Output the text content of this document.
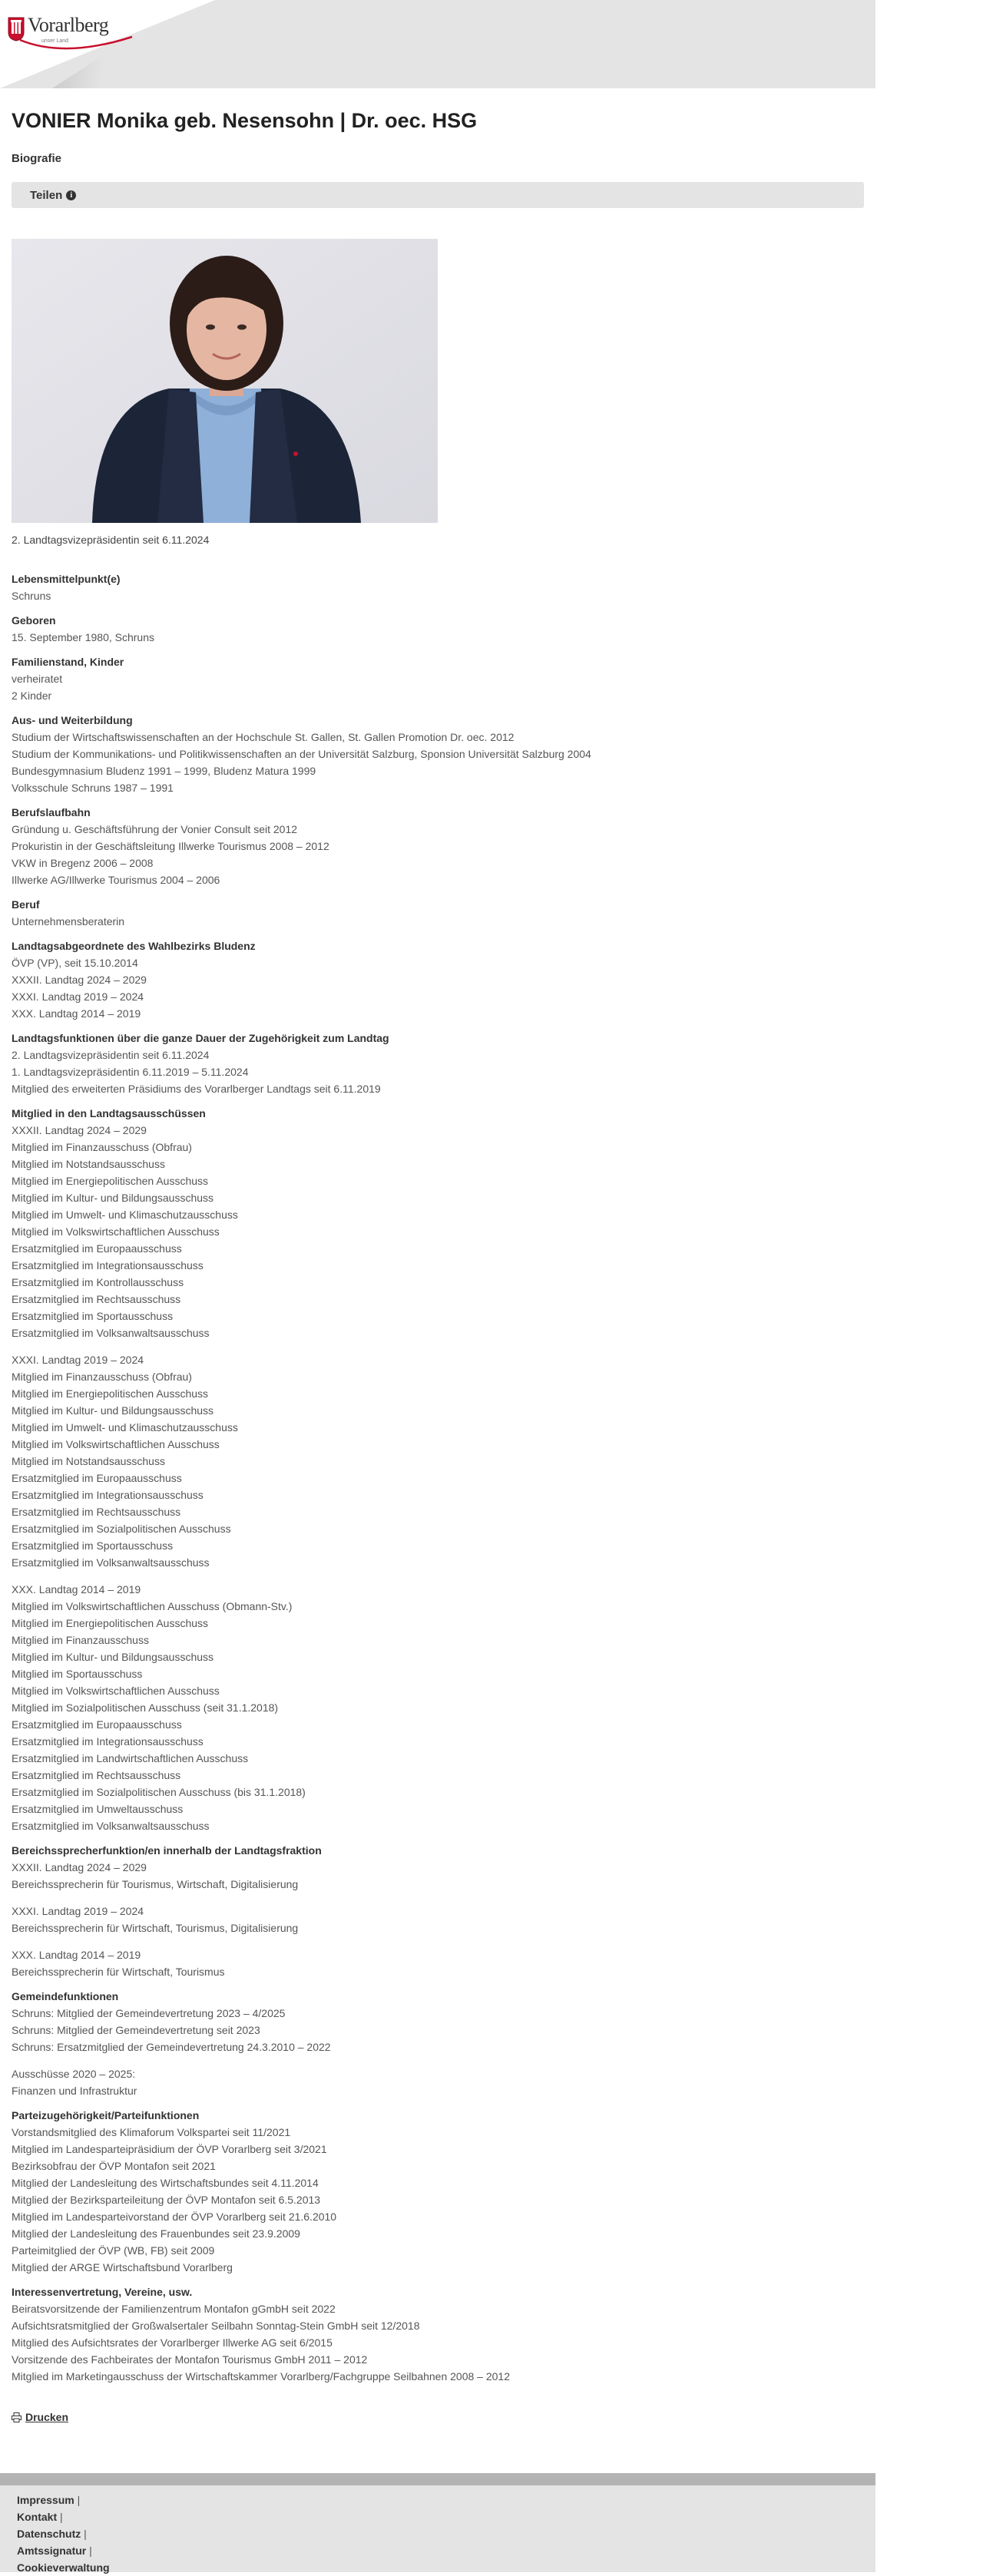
Vorarlberg
unser Land
VONIER Monika geb. Nesensohn | Dr. oec. HSG
Biografie
Teilen	i
2. Landtagsvizepräsidentin seit 6.11.2024
Lebensmittelpunkt(e)
Schruns
Geboren
15. September 1980, Schruns
Familienstand, Kinder
verheiratet
2 Kinder
Aus- und Weiterbildung
Studium der Wirtschaftswissenschaften an der Hochschule St. Gallen, St. Gallen Promotion Dr. oec. 2012
Studium der Kommunikations- und Politikwissenschaften an der Universität Salzburg, Sponsion Universität Salzburg 2004
Bundesgymnasium Bludenz 1991 – 1999, Bludenz Matura 1999
Volksschule Schruns 1987 – 1991
Berufslaufbahn
Gründung u. Geschäftsführung der Vonier Consult seit 2012
Prokuristin in der Geschäftsleitung Illwerke Tourismus 2008 – 2012
VKW in Bregenz 2006 – 2008
Illwerke AG/Illwerke Tourismus 2004 – 2006
Beruf
Unternehmensberaterin
Landtagsabgeordnete des Wahlbezirks Bludenz
ÖVP (VP), seit 15.10.2014
XXXII. Landtag 2024 – 2029
XXXI. Landtag 2019 – 2024
XXX. Landtag 2014 – 2019
Landtagsfunktionen über die ganze Dauer der Zugehörigkeit zum Landtag
2. Landtagsvizepräsidentin seit 6.11.2024
1. Landtagsvizepräsidentin 6.11.2019 – 5.11.2024
Mitglied des erweiterten Präsidiums des Vorarlberger Landtags seit 6.11.2019
Mitglied in den Landtagsausschüssen
XXXII. Landtag 2024 – 2029
Mitglied im Finanzausschuss (Obfrau)
Mitglied im Notstandsausschuss
Mitglied im Energiepolitischen Ausschuss
Mitglied im Kultur- und Bildungsausschuss
Mitglied im Umwelt- und Klimaschutzausschuss
Mitglied im Volkswirtschaftlichen Ausschuss
Ersatzmitglied im Europaausschuss
Ersatzmitglied im Integrationsausschuss
Ersatzmitglied im Kontrollausschuss
Ersatzmitglied im Rechtsausschuss
Ersatzmitglied im Sportausschuss
Ersatzmitglied im Volksanwaltsausschuss
XXXI. Landtag 2019 – 2024
Mitglied im Finanzausschuss (Obfrau)
Mitglied im Energiepolitischen Ausschuss
Mitglied im Kultur- und Bildungsausschuss
Mitglied im Umwelt- und Klimaschutzausschuss
Mitglied im Volkswirtschaftlichen Ausschuss
Mitglied im Notstandsausschuss
Ersatzmitglied im Europaausschuss
Ersatzmitglied im Integrationsausschuss
Ersatzmitglied im Rechtsausschuss
Ersatzmitglied im Sozialpolitischen Ausschuss
Ersatzmitglied im Sportausschuss
Ersatzmitglied im Volksanwaltsausschuss
XXX. Landtag 2014 – 2019
Mitglied im Volkswirtschaftlichen Ausschuss (Obmann-Stv.)
Mitglied im Energiepolitischen Ausschuss
Mitglied im Finanzausschuss
Mitglied im Kultur- und Bildungsausschuss
Mitglied im Sportausschuss
Mitglied im Volkswirtschaftlichen Ausschuss
Mitglied im Sozialpolitischen Ausschuss (seit 31.1.2018)
Ersatzmitglied im Europaausschuss
Ersatzmitglied im Integrationsausschuss
Ersatzmitglied im Landwirtschaftlichen Ausschuss
Ersatzmitglied im Rechtsausschuss
Ersatzmitglied im Sozialpolitischen Ausschuss (bis 31.1.2018)
Ersatzmitglied im Umweltausschuss
Ersatzmitglied im Volksanwaltsausschuss
Bereichssprecherfunktion/en innerhalb der Landtagsfraktion
XXXII. Landtag 2024 – 2029
Bereichssprecherin für Tourismus, Wirtschaft, Digitalisierung
XXXI. Landtag 2019 – 2024
Bereichssprecherin für Wirtschaft, Tourismus, Digitalisierung
XXX. Landtag 2014 – 2019
Bereichssprecherin für Wirtschaft, Tourismus
Gemeindefunktionen
Schruns: Mitglied der Gemeindevertretung 2023 – 4/2025
Schruns: Mitglied der Gemeindevertretung seit 2023
Schruns: Ersatzmitglied der Gemeindevertretung 24.3.2010 – 2022
Ausschüsse 2020 – 2025:
Finanzen und Infrastruktur
Parteizugehörigkeit/Parteifunktionen
Vorstandsmitglied des Klimaforum Volkspartei seit 11/2021
Mitglied im Landesparteipräsidium der ÖVP Vorarlberg seit 3/2021
Bezirksobfrau der ÖVP Montafon seit 2021
Mitglied der Landesleitung des Wirtschaftsbundes seit 4.11.2014
Mitglied der Bezirksparteileitung der ÖVP Montafon seit 6.5.2013
Mitglied im Landesparteivorstand der ÖVP Vorarlberg seit 21.6.2010
Mitglied der Landesleitung des Frauenbundes seit 23.9.2009
Parteimitglied der ÖVP (WB, FB) seit 2009
Mitglied der ARGE Wirtschaftsbund Vorarlberg
Interessenvertretung, Vereine, usw.
Beiratsvorsitzende der Familienzentrum Montafon gGmbH seit 2022
Aufsichtsratsmitglied der Großwalsertaler Seilbahn Sonntag-Stein GmbH seit 12/2018
Mitglied des Aufsichtsrates der Vorarlberger Illwerke AG seit 6/2015
Vorsitzende des Fachbeirates der Montafon Tourismus GmbH 2011 – 2012
Mitglied im Marketingausschuss der Wirtschaftskammer Vorarlberg/Fachgruppe Seilbahnen 2008 – 2012
Drucken
Impressum |
Kontakt |
Datenschutz |
Amtssignatur |
Cookieverwaltung
